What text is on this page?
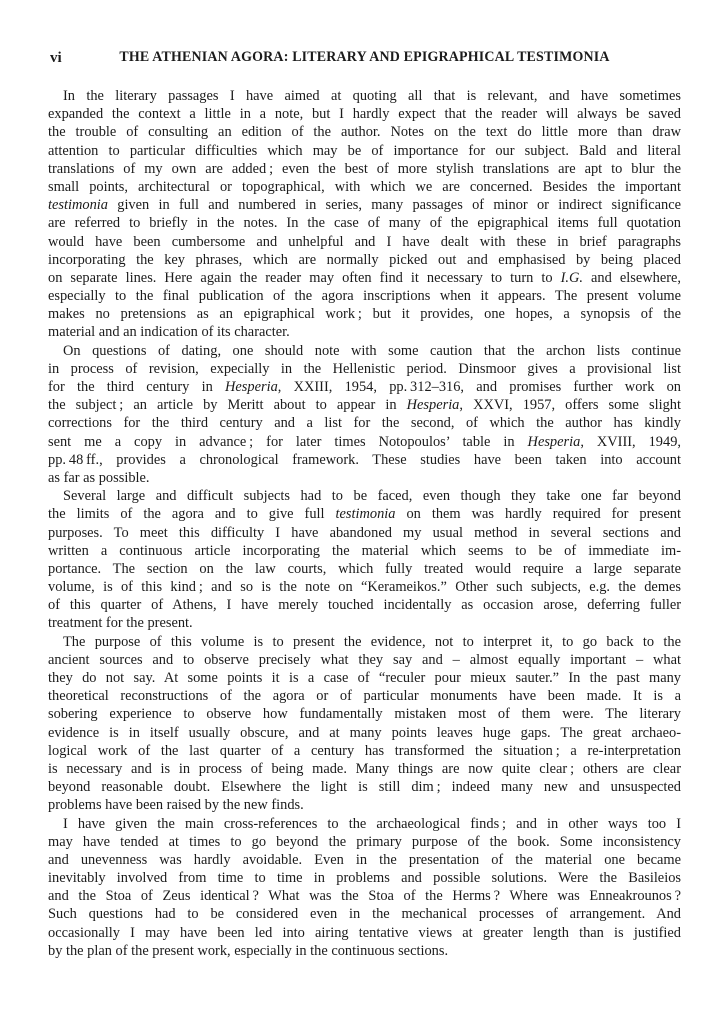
vi	THE ATHENIAN AGORA: LITERARY AND EPIGRAPHICAL TESTIMONIA
In the literary passages I have aimed at quoting all that is relevant, and have sometimes
expanded the context a little in a note, but I hardly expect that the reader will always be saved
the trouble of consulting an edition of the author. Notes on the text do little more than draw
attention to particular difficulties which may be of importance for our subject. Bald and literal
translations of my own are added ; even the best of more stylish translations are apt to blur the
small points, architectural or topographical, with which we are concerned. Besides the important
testimonia given in full and numbered in series, many passages of minor or indirect significance
are referred to briefly in the notes. In the case of many of the epigraphical items full quotation
would have been cumbersome and unhelpful and I have dealt with these in brief paragraphs
incorporating the key phrases, which are normally picked out and emphasised by being placed
on separate lines. Here again the reader may often find it necessary to turn to I.G. and elsewhere,
especially to the final publication of the agora inscriptions when it appears. The present volume
makes no pretensions as an epigraphical work ; but it provides, one hopes, a synopsis of the
material and an indication of its character.
On questions of dating, one should note with some caution that the archon lists continue
in process of revision, expecially in the Hellenistic period. Dinsmoor gives a provisional list
for the third century in Hesperia, XXIII, 1954, pp. 312–316, and promises further work on
the subject ; an article by Meritt about to appear in Hesperia, XXVI, 1957, offers some slight
corrections for the third century and a list for the second, of which the author has kindly
sent me a copy in advance ; for later times Notopoulos’ table in Hesperia, XVIII, 1949,
pp. 48 ff., provides a chronological framework. These studies have been taken into account
as far as possible.
Several large and difficult subjects had to be faced, even though they take one far beyond
the limits of the agora and to give full testimonia on them was hardly required for present
purposes. To meet this difficulty I have abandoned my usual method in several sections and
written a continuous article incorporating the material which seems to be of immediate im-
portance. The section on the law courts, which fully treated would require a large separate
volume, is of this kind ; and so is the note on “Kerameikos.” Other such subjects, e.g. the demes
of this quarter of Athens, I have merely touched incidentally as occasion arose, deferring fuller
treatment for the present.
The purpose of this volume is to present the evidence, not to interpret it, to go back to the
ancient sources and to observe precisely what they say and – almost equally important – what
they do not say. At some points it is a case of “reculer pour mieux sauter.” In the past many
theoretical reconstructions of the agora or of particular monuments have been made. It is a
sobering experience to observe how fundamentally mistaken most of them were. The literary
evidence is in itself usually obscure, and at many points leaves huge gaps. The great archaeo-
logical work of the last quarter of a century has transformed the situation ; a re-interpretation
is necessary and is in process of being made. Many things are now quite clear ; others are clear
beyond reasonable doubt. Elsewhere the light is still dim ; indeed many new and unsuspected
problems have been raised by the new finds.
I have given the main cross-references to the archaeological finds ; and in other ways too I
may have tended at times to go beyond the primary purpose of the book. Some inconsistency
and unevenness was hardly avoidable. Even in the presentation of the material one became
inevitably involved from time to time in problems and possible solutions. Were the Basileios
and the Stoa of Zeus identical ? What was the Stoa of the Herms ? Where was Enneakrounos ?
Such questions had to be considered even in the mechanical processes of arrangement. And
occasionally I may have been led into airing tentative views at greater length than is justified
by the plan of the present work, especially in the continuous sections.
